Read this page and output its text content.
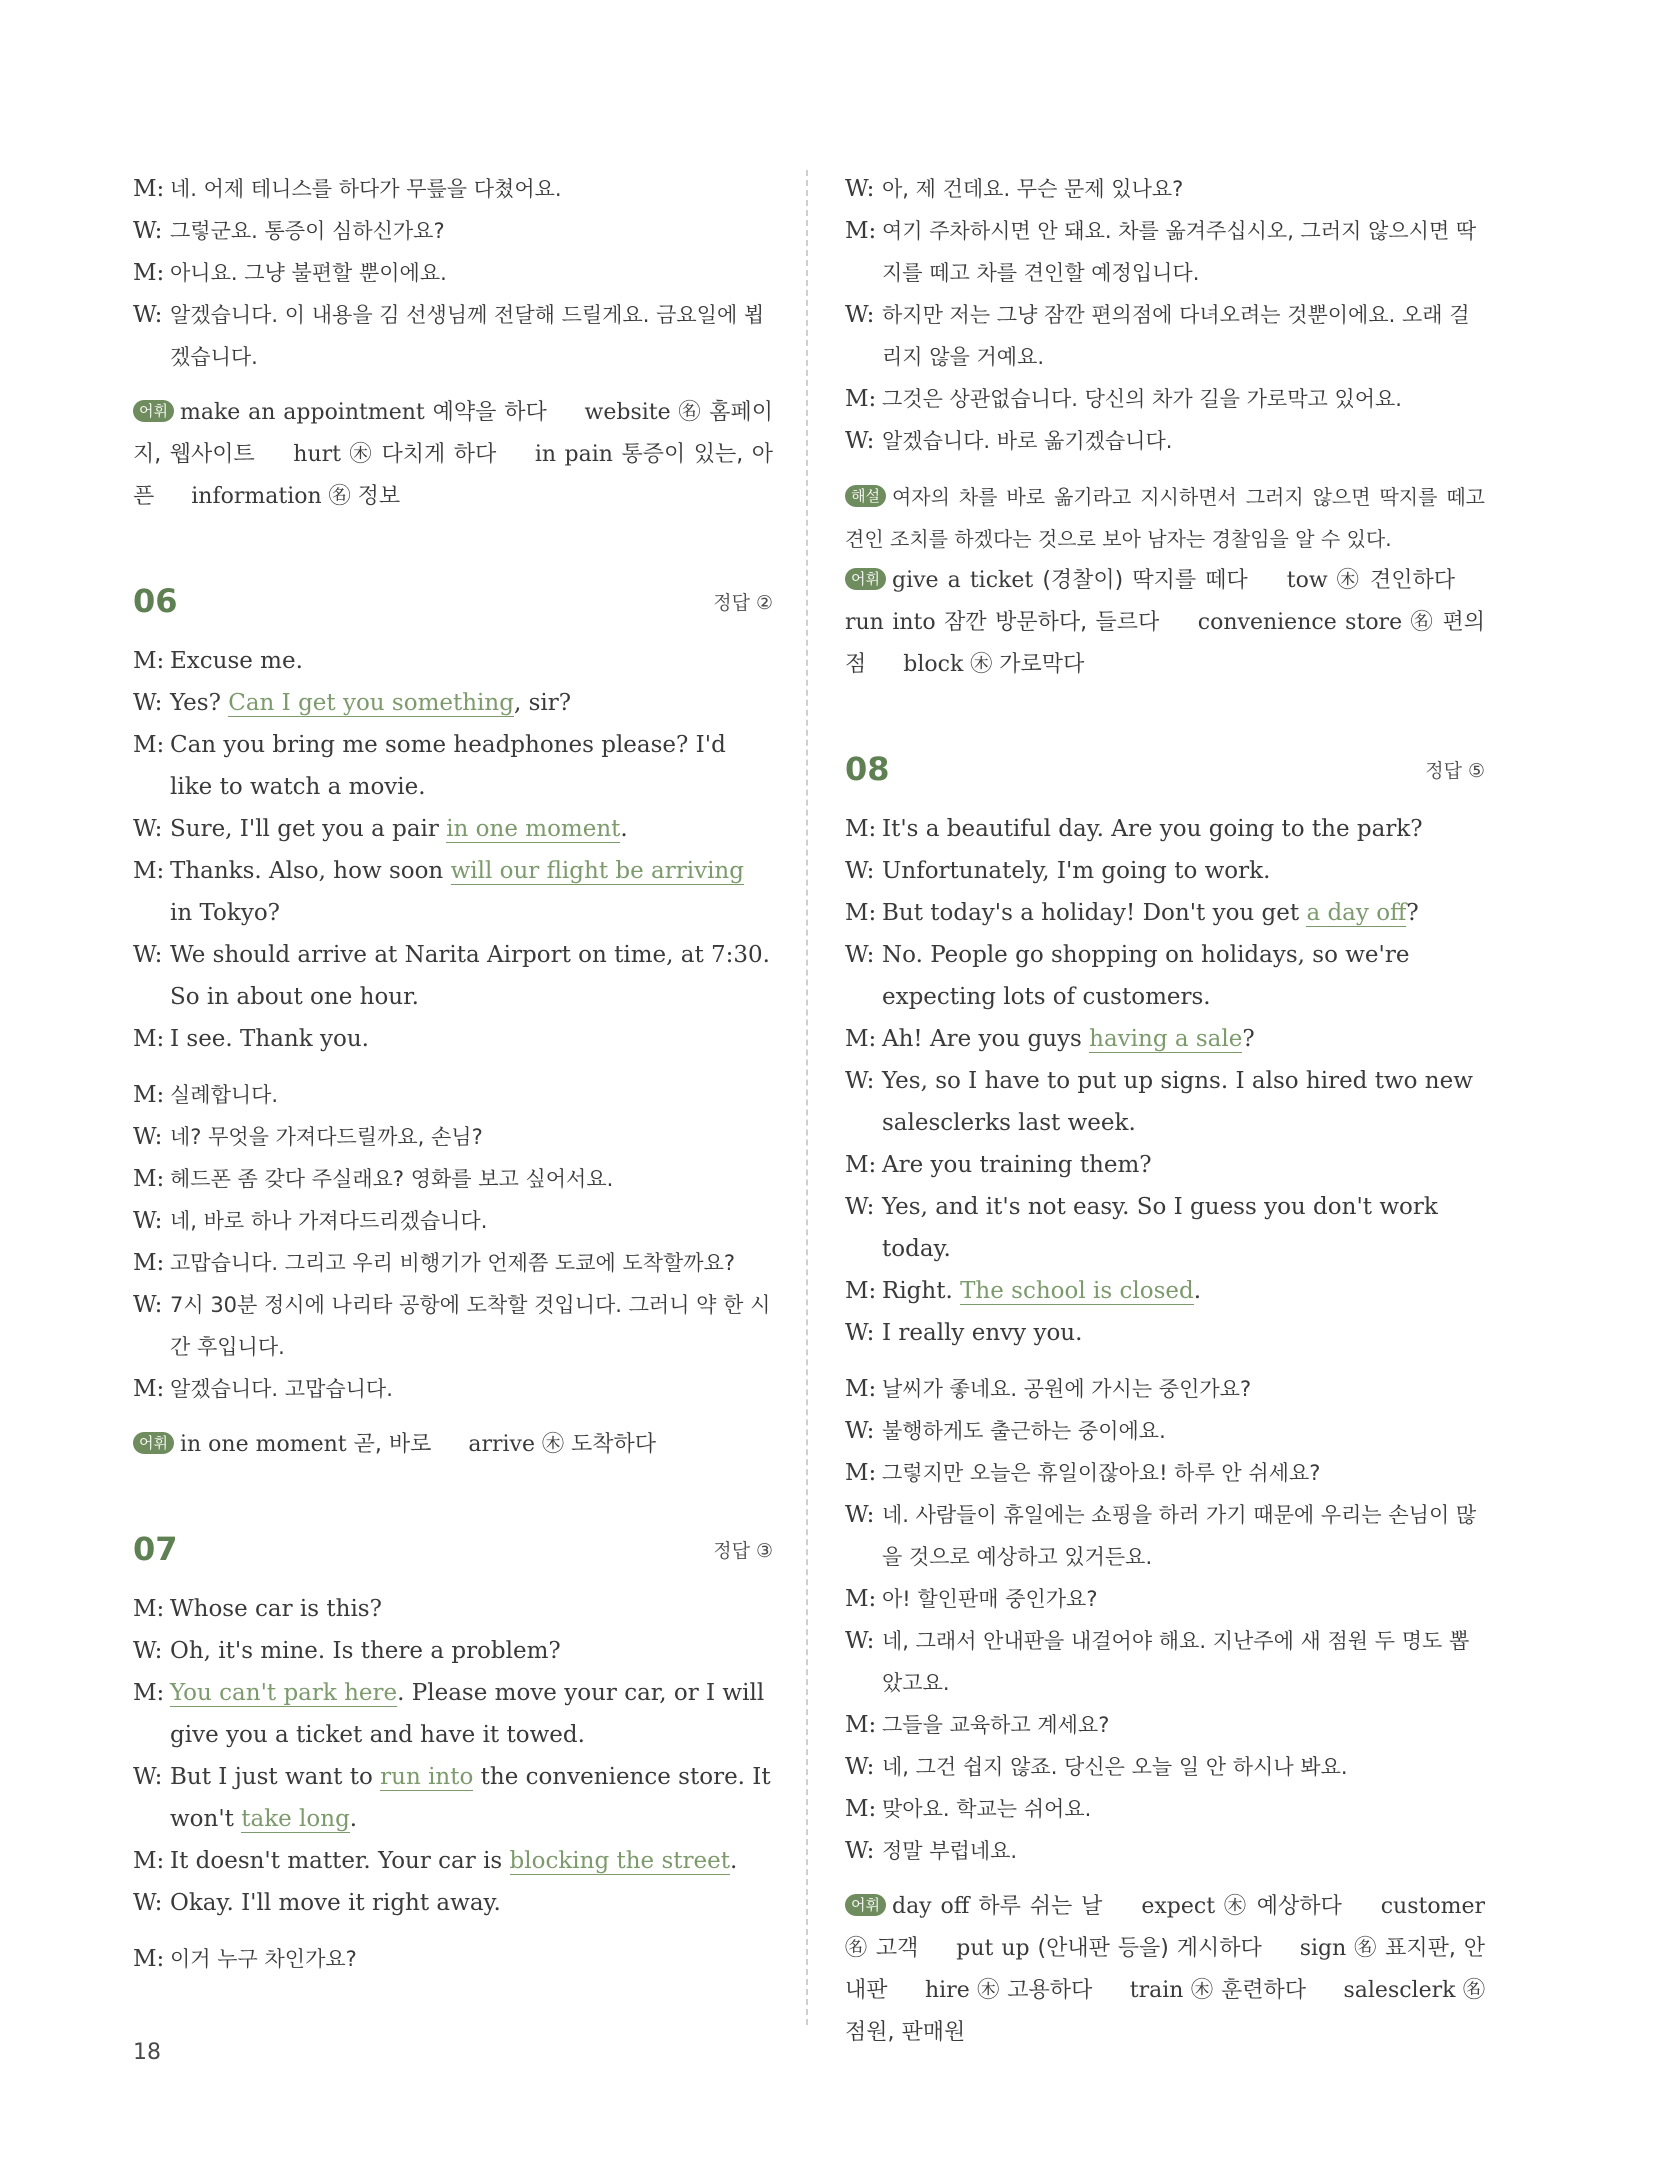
M: 네. 어제 테니스를 하다가 무릎을 다쳤어요.
W: 그렇군요. 통증이 심하신가요?
M: 아니요. 그냥 불편할 뿐이에요.
W: 알겠습니다. 이 내용을 김 선생님께 전달해 드릴게요. 금요일에 뵙겠습니다.
어휘 make an appointment 예약을 하다 website ㊔ 홈페이지, 웹사이트 hurt ㊍ 다치게 하다 in pain 통증이 있는, 아픈 information ㊔ 정보
06	정답 ②
M: Excuse me.
W: Yes? Can I get you something, sir?
M: Can you bring me some headphones please? I'd like to watch a movie.
W: Sure, I'll get you a pair in one moment.
M: Thanks. Also, how soon will our flight be arriving in Tokyo?
W: We should arrive at Narita Airport on time, at 7:30. So in about one hour.
M: I see. Thank you.
M: 실례합니다.
W: 네? 무엇을 가져다드릴까요, 손님?
M: 헤드폰 좀 갖다 주실래요? 영화를 보고 싶어서요.
W: 네, 바로 하나 가져다드리겠습니다.
M: 고맙습니다. 그리고 우리 비행기가 언제쯤 도쿄에 도착할까요?
W: 7시 30분 정시에 나리타 공항에 도착할 것입니다. 그러니 약 한 시간 후입니다.
M: 알겠습니다. 고맙습니다.
어휘 in one moment 곧, 바로 arrive ㊍ 도착하다
07	정답 ③
M: Whose car is this?
W: Oh, it's mine. Is there a problem?
M: You can't park here. Please move your car, or I will give you a ticket and have it towed.
W: But I just want to run into the convenience store. It won't take long.
M: It doesn't matter. Your car is blocking the street.
W: Okay. I'll move it right away.
M: 이거 누구 차인가요?
W: 아, 제 건데요. 무슨 문제 있나요?
M: 여기 주차하시면 안 돼요. 차를 옮겨주십시오, 그러지 않으시면 딱지를 떼고 차를 견인할 예정입니다.
W: 하지만 저는 그냥 잠깐 편의점에 다녀오려는 것뿐이에요. 오래 걸리지 않을 거예요.
M: 그것은 상관없습니다. 당신의 차가 길을 가로막고 있어요.
W: 알겠습니다. 바로 옮기겠습니다.
해설 여자의 차를 바로 옮기라고 지시하면서 그러지 않으면 딱지를 떼고 견인 조치를 하겠다는 것으로 보아 남자는 경찰임을 알 수 있다.
어휘 give a ticket (경찰이) 딱지를 떼다 tow ㊍ 견인하다 run into 잠깐 방문하다, 들르다 convenience store ㊔ 편의점 block ㊍ 가로막다
08	정답 ⑤
M: It's a beautiful day. Are you going to the park?
W: Unfortunately, I'm going to work.
M: But today's a holiday! Don't you get a day off?
W: No. People go shopping on holidays, so we're expecting lots of customers.
M: Ah! Are you guys having a sale?
W: Yes, so I have to put up signs. I also hired two new salesclerks last week.
M: Are you training them?
W: Yes, and it's not easy. So I guess you don't work today.
M: Right. The school is closed.
W: I really envy you.
M: 날씨가 좋네요. 공원에 가시는 중인가요?
W: 불행하게도 출근하는 중이에요.
M: 그렇지만 오늘은 휴일이잖아요! 하루 안 쉬세요?
W: 네. 사람들이 휴일에는 쇼핑을 하러 가기 때문에 우리는 손님이 많을 것으로 예상하고 있거든요.
M: 아! 할인판매 중인가요?
W: 네, 그래서 안내판을 내걸어야 해요. 지난주에 새 점원 두 명도 뽑았고요.
M: 그들을 교육하고 계세요?
W: 네, 그건 쉽지 않죠. 당신은 오늘 일 안 하시나 봐요.
M: 맞아요. 학교는 쉬어요.
W: 정말 부럽네요.
어휘 day off 하루 쉬는 날 expect ㊍ 예상하다 customer ㊔ 고객 put up (안내판 등을) 게시하다 sign ㊔ 표지판, 안내판 hire ㊍ 고용하다 train ㊍ 훈련하다 salesclerk ㊔ 점원, 판매원
18
